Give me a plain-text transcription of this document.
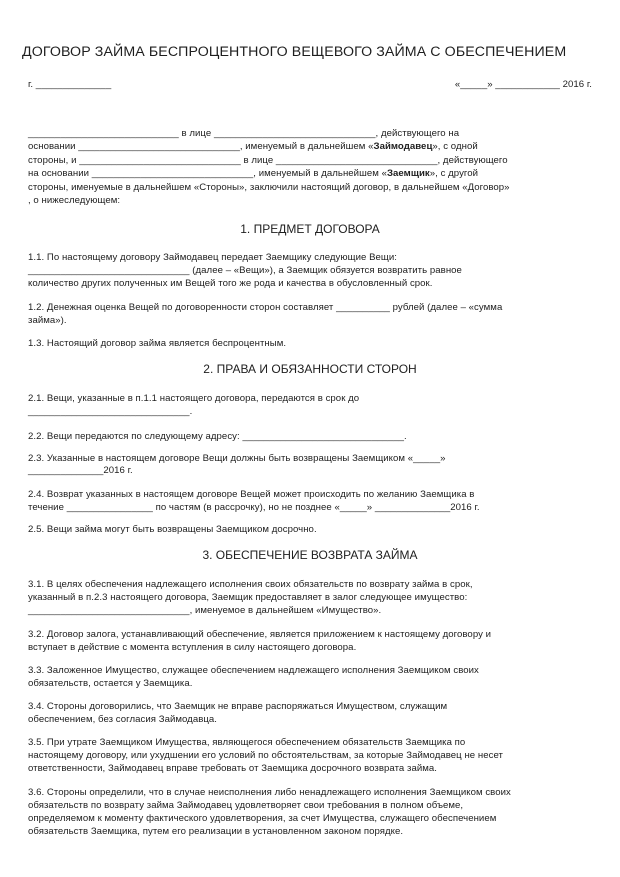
ДОГОВОР ЗАЙМА БЕСПРОЦЕНТНОГО ВЕЩЕВОГО ЗАЙМА С ОБЕСПЕЧЕНИЕМ
г. ______________	«_____» ____________ 2016 г.
____________________________ в лице ______________________________, действующего на
основании ______________________________, именуемый в дальнейшем «Займодавец», с одной
стороны, и ______________________________ в лице ______________________________, действующего
на основании ______________________________, именуемый в дальнейшем «Заемщик», с другой
стороны, именуемые в дальнейшем «Стороны», заключили настоящий договор, в дальнейшем «Договор»
, о нижеследующем:
1. ПРЕДМЕТ ДОГОВОРА
1.1. По настоящему договору Займодавец передает Заемщику следующие Вещи:
______________________________ (далее – «Вещи»), а Заемщик обязуется возвратить равное
количество других полученных им Вещей того же рода и качества в обусловленный срок.
1.2. Денежная оценка Вещей по договоренности сторон составляет __________ рублей (далее – «сумма
займа»).
1.3. Настоящий договор займа является беспроцентным.
2. ПРАВА И ОБЯЗАННОСТИ СТОРОН
2.1. Вещи, указанные в п.1.1 настоящего договора, передаются в срок до
______________________________.
2.2. Вещи передаются по следующему адресу: ______________________________.
2.3. Указанные в настоящем договоре Вещи должны быть возвращены Заемщиком «_____»
______________2016 г.
2.4. Возврат указанных в настоящем договоре Вещей может происходить по желанию Заемщика в
течение ________________ по частям (в рассрочку), но не позднее «_____» ______________2016 г.
2.5. Вещи займа могут быть возвращены Заемщиком досрочно.
3. ОБЕСПЕЧЕНИЕ ВОЗВРАТА ЗАЙМА
3.1. В целях обеспечения надлежащего исполнения своих обязательств по возврату займа в срок,
указанный в п.2.3 настоящего договора, Заемщик предоставляет в залог следующее имущество:
______________________________, именуемое в дальнейшем «Имущество».
3.2. Договор залога, устанавливающий обеспечение, является приложением к настоящему договору и
вступает в действие с момента вступления в силу настоящего договора.
3.3. Заложенное Имущество, служащее обеспечением надлежащего исполнения Заемщиком своих
обязательств, остается у Заемщика.
3.4. Стороны договорились, что Заемщик не вправе распоряжаться Имуществом, служащим
обеспечением, без согласия Займодавца.
3.5. При утрате Заемщиком Имущества, являющегося обеспечением обязательств Заемщика по
настоящему договору, или ухудшении его условий по обстоятельствам, за которые Займодавец не несет
ответственности, Займодавец вправе требовать от Заемщика досрочного возврата займа.
3.6. Стороны определили, что в случае неисполнения либо ненадлежащего исполнения Заемщиком своих
обязательств по возврату займа Займодавец удовлетворяет свои требования в полном объеме,
определяемом к моменту фактического удовлетворения, за счет Имущества, служащего обеспечением
обязательств Заемщика, путем его реализации в установленном законом порядке.
